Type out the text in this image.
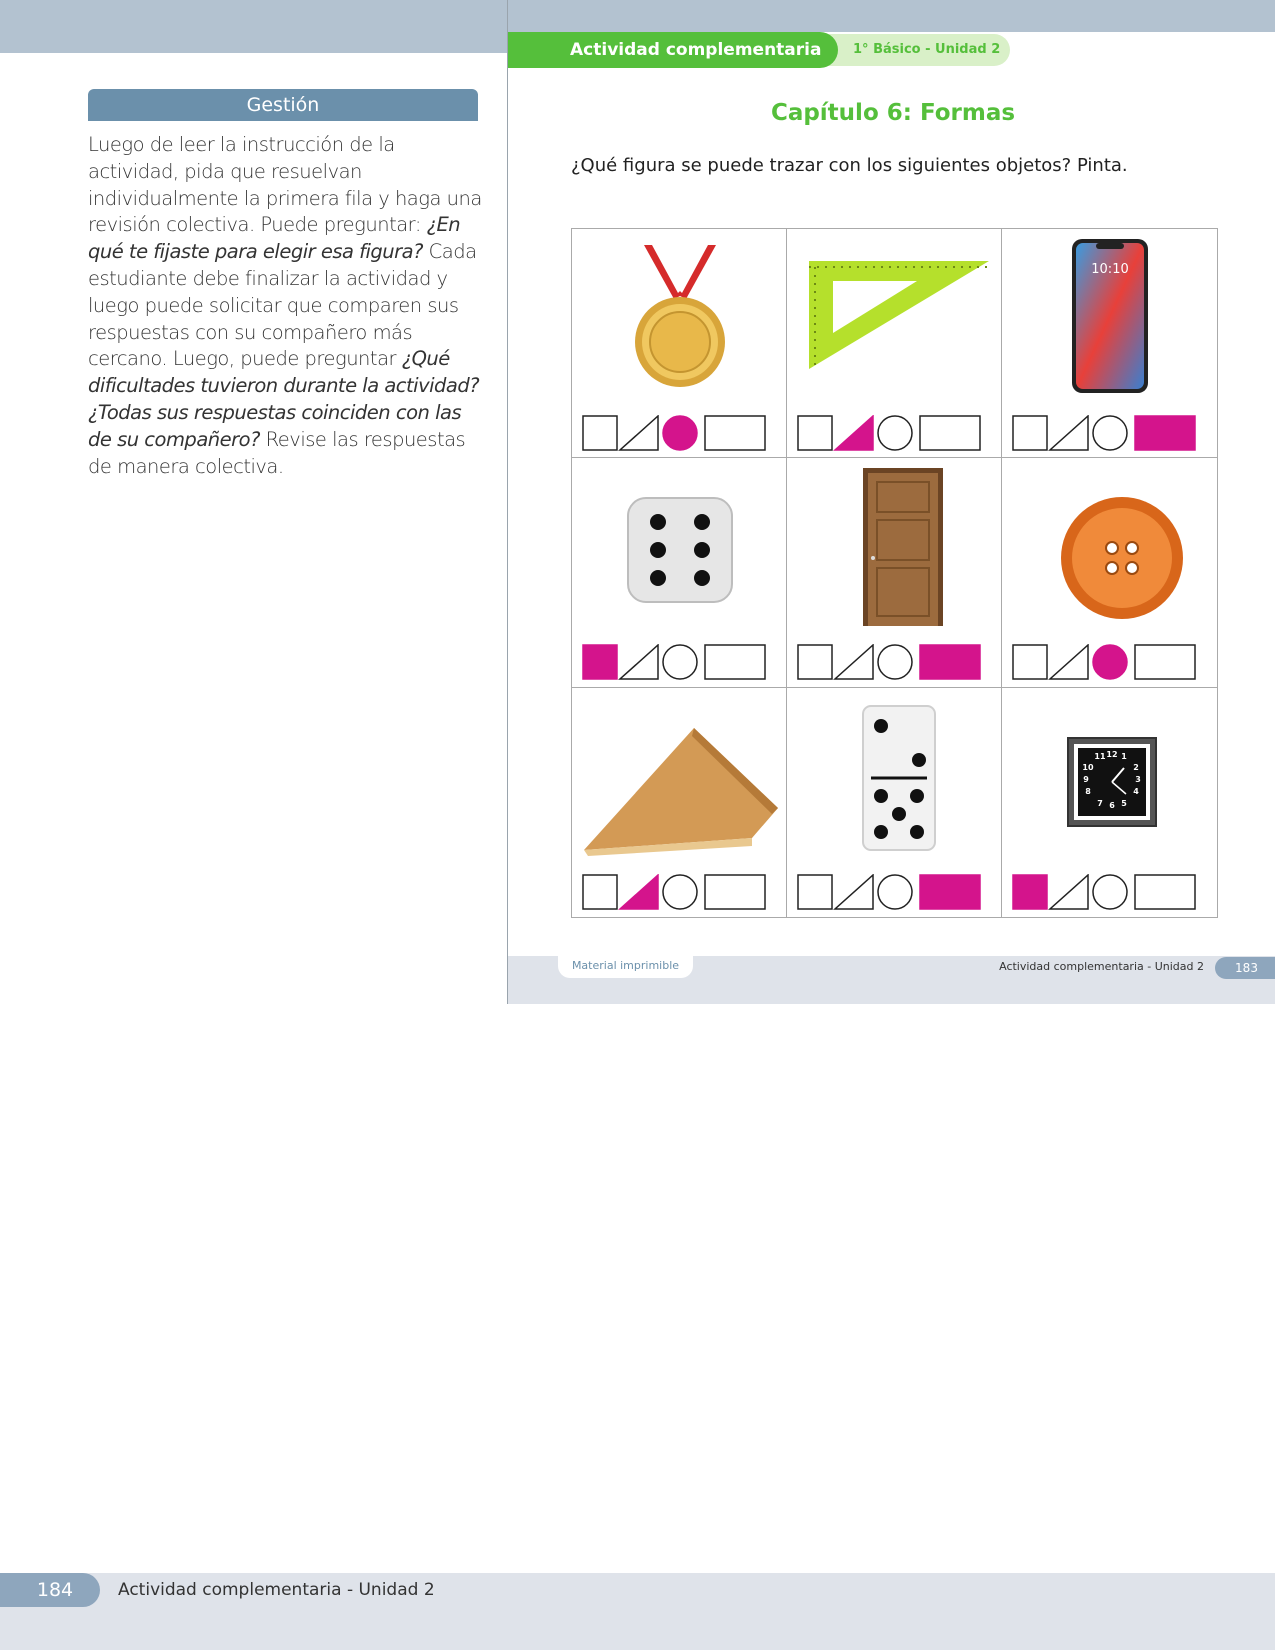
Gestión
Luego de leer la instrucción de la actividad, pida que resuelvan individualmente la primera fila y haga una revisión colectiva. Puede preguntar: ¿En qué te fijaste para elegir esa figura? Cada estudiante debe finalizar la actividad y luego puede solicitar que comparen sus respuestas con su compañero más cercano. Luego, puede preguntar ¿Qué dificultades tuvieron durante la actividad? ¿Todas sus respuestas coinciden con las de su compañero? Revise las respuestas de manera colectiva.
1° Básico - Unidad 2
Actividad complementaria
Capítulo 6: Formas
¿Qué figura se puede trazar con los siguientes objetos? Pinta.
10:10
11 12 1
10	2
9	3
8	4
7 6 5
Material imprimible	Actividad complementaria - Unidad 2	183
184	Actividad complementaria - Unidad 2
